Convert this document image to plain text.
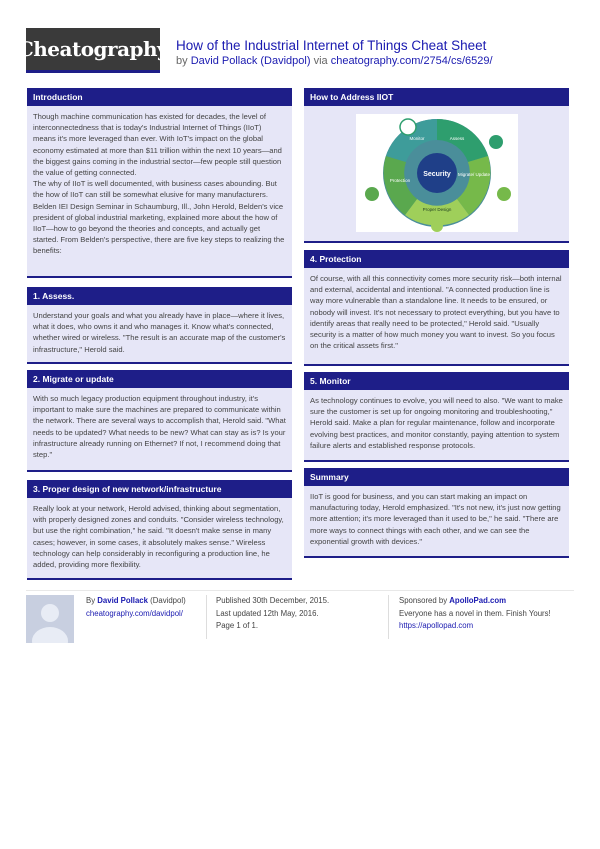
Cheatography How of the Industrial Internet of Things Cheat Sheet
by David Pollack (Davidpol) via cheatography.com/2754/cs/6529/
Introduction
Though machine communication has existed for decades, the level of interconnectedness that is today's Industrial Internet of Things (IIoT) means it's more leveraged than ever. With IoT's impact on the global economy estimated at more than $11 trillion within the next 10 years—and the biggest gains coming in the industrial sector—few people still question the value of getting connected.
The why of IIoT is well documented, with business cases abounding. But the how of IIoT can still be somewhat elusive for many manufacturers. Belden IEI Design Seminar in Schaumburg, Ill., John Herold, Belden's vice president of global industrial marketing, explained more about the how of IIoT—how to go beyond the theories and concepts, and actually get started. From Belden's perspective, there are five key steps to realizing the benefits:
1. Assess.
Understand your goals and what you already have in place—where it lives, what it does, who owns it and who manages it. Know what's connected, whether wired or wireless. "The result is an accurate map of the customer's infrastructure," Herold said.
2. Migrate or update
With so much legacy production equipment throughout industry, it's important to make sure the machines are prepared to communicate within the network. There are several ways to accomplish that, Herold said. "What needs to be updated? What needs to be new? What can stay as is? Is your infrastructure already running on Ethernet? If not, I recommend doing that step."
3. Proper design of new network/infrastructure
Really look at your network, Herold advised, thinking about segmentation, with properly designed zones and conduits. "Consider wireless technology, but use the right combination," he said. "It doesn't make sense in many cases; however, in some cases, it absolutely makes sense." Wireless technology can help considerably in reconfiguring a production line, he added, providing more flexibility.
How to Address IIOT
Security
Assess
Migrate/ Update
Proper Design
Protection
Monitor
4. Protection
Of course, with all this connectivity comes more security risk—both internal and external, accidental and intentional. "A connected production line is way more vulnerable than a standalone line. It needs to be ensured, or nobody will invest. It's not necessary to protect everything, but you have to identify areas that really need to be protected," Herold said. "Usually security is a matter of how much money you want to invest. So you focus on the critical assets first."
5. Monitor
As technology continues to evolve, you will need to also. "We want to make sure the customer is set up for ongoing monitoring and troubleshooting," Herold said. Make a plan for regular maintenance, follow and incorporate evolving best practices, and monitor constantly, paying attention to system failure alerts and established response protocols.
Summary
IIoT is good for business, and you can start making an impact on manufacturing today, Herold emphasized. "It's not new, it's just now getting more attention; it's more leveraged than it used to be," he said. "There are more ways to connect things with each other, and we can see the exponential growth with devices."
By David Pollack (Davidpol)
cheatography.com/davidpol/
Published 30th December, 2015.
Last updated 12th May, 2016.
Page 1 of 1.
Sponsored by ApolloPad.com
Everyone has a novel in them. Finish Yours!
https://apollopad.com
